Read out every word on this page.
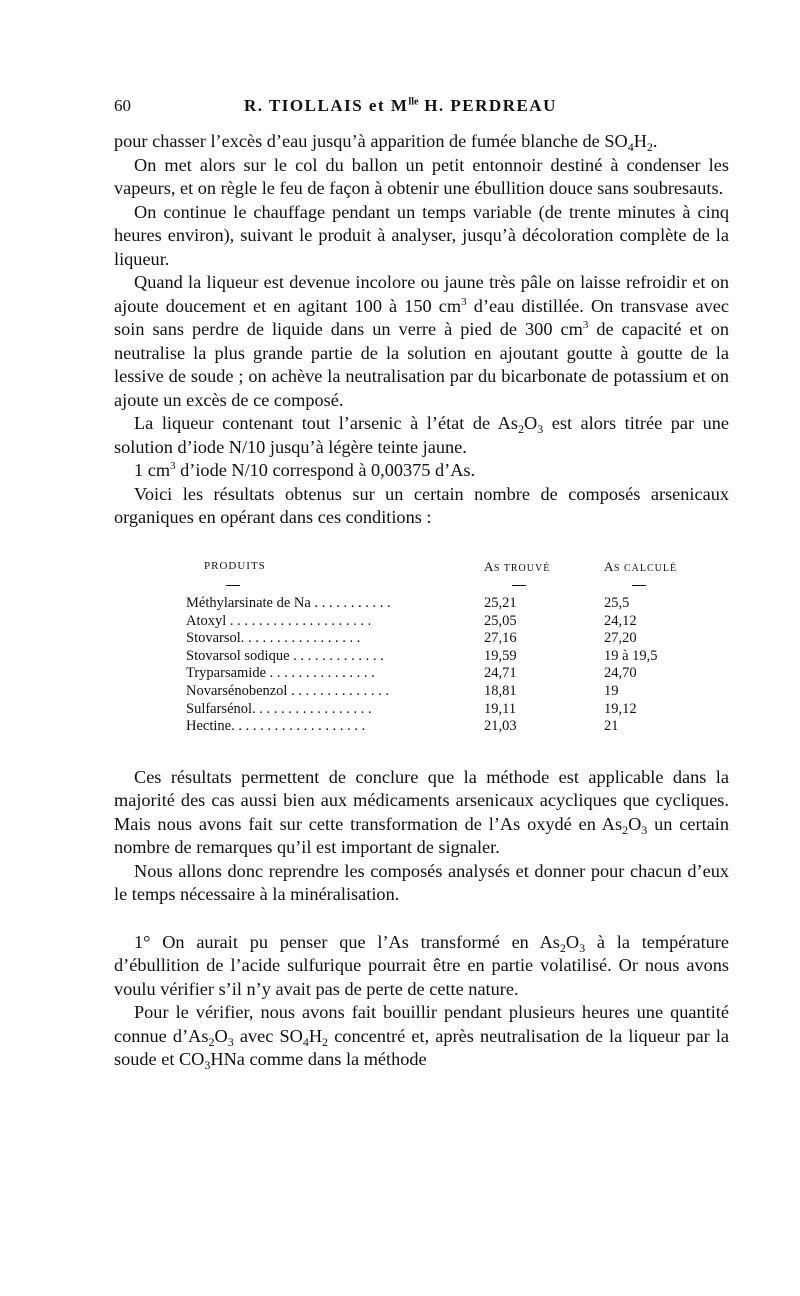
60	R. TIOLLAIS et $M^{lle}$ H. PERDREAU

pour chasser l’excès d’eau jusqu’à apparition de fumée blanche de $SO_4H_2$.

On met alors sur le col du ballon un petit entonnoir destiné à condenser les vapeurs, et on règle le feu de façon à obtenir une ébullition douce sans soubresauts.

On continue le chauffage pendant un temps variable (de trente minutes à cinq heures environ), suivant le produit à analyser, jusqu’à décoloration complète de la liqueur.

Quand la liqueur est devenue incolore ou jaune très pâle on laisse refroidir et on ajoute doucement et en agitant 100 à 150 $cm^3$ d’eau distillée. On transvase avec soin sans perdre de liquide dans un verre à pied de 300 $cm^3$ de capacité et on neutralise la plus grande partie de la solution en ajoutant goutte à goutte de la lessive de soude ; on achève la neutralisation par du bicarbonate de potassium et on ajoute un excès de ce composé.

La liqueur contenant tout l’arsenic à l’état de $As_2O_3$ est alors titrée par une solution d’iode N/10 jusqu’à légère teinte jaune.

1 $cm^3$ d’iode N/10 correspond à 0,00375 d’As.

Voici les résultats obtenus sur un certain nombre de composés arsenicaux organiques en opérant dans ces conditions :

PRODUITS	AS TROUVÉ	AS CALCULÉ
Méthylarsinate de Na . . . . . . . . . . .	25,21	25,5
Atoxyl . . . . . . . . . . . . . . . . . . . .	25,05	24,12
Stovarsol. . . . . . . . . . . . . . . . .	27,16	27,20
Stovarsol sodique . . . . . . . . . . . . .	19,59	19 à 19,5
Tryparsamide . . . . . . . . . . . . . . .	24,71	24,70
Novarsénobenzol . . . . . . . . . . . . . .	18,81	19
Sulfarsénol. . . . . . . . . . . . . . . . .	19,11	19,12
Hectine. . . . . . . . . . . . . . . . . . .	21,03	21

Ces résultats permettent de conclure que la méthode est applicable dans la majorité des cas aussi bien aux médicaments arsenicaux acycliques que cycliques. Mais nous avons fait sur cette transformation de l’As oxydé en $As_2O_3$ un certain nombre de remarques qu’il est important de signaler.

Nous allons donc reprendre les composés analysés et donner pour chacun d’eux le temps nécessaire à la minéralisation.

1° On aurait pu penser que l’As transformé en $As_2O_3$ à la température d’ébullition de l’acide sulfurique pourrait être en partie volatilisé. Or nous avons voulu vérifier s’il n’y avait pas de perte de cette nature.

Pour le vérifier, nous avons fait bouillir pendant plusieurs heures une quantité connue $d’As_2O_3$ avec $SO_4H_2$ concentré et, après neutralisation de la liqueur par la soude et $CO_3HNa$ comme dans la méthode
